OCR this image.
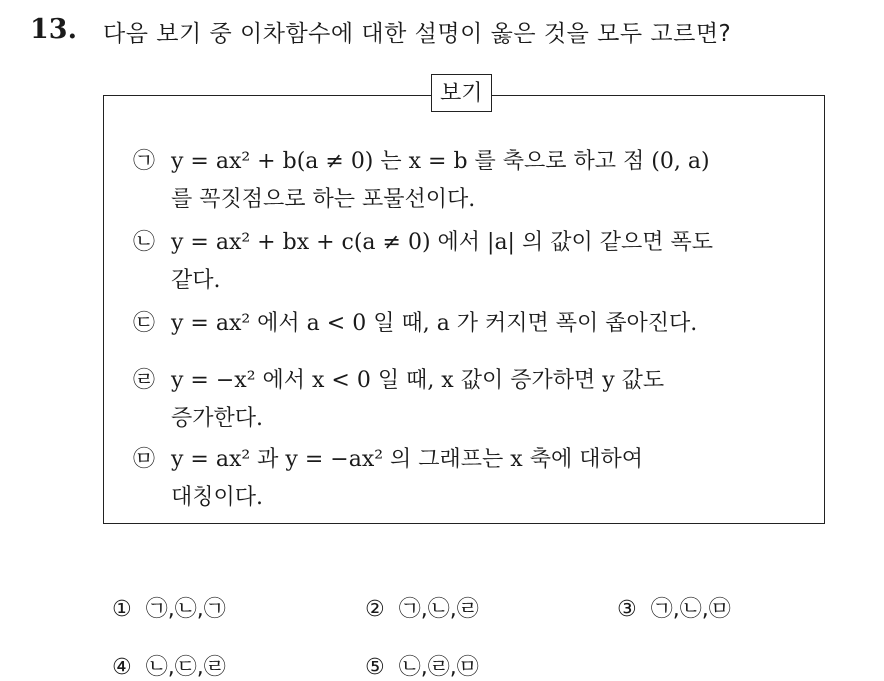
13. 다음 보기 중 이차함수에 대한 설명이 옳은 것을 모두 고르면?
보기
㉠ y = ax² + b(a ≠ 0) 는 x = b 를 축으로 하고 점 (0, a)
를 꼭짓점으로 하는 포물선이다.
㉡ y = ax² + bx + c(a ≠ 0) 에서 |a| 의 값이 같으면 폭도
같다.
㉢ y = ax² 에서 a < 0 일 때, a 가 커지면 폭이 좁아진다.
㉣ y = −x² 에서 x < 0 일 때, x 값이 증가하면 y 값도
증가한다.
㉤ y = ax² 과 y = −ax² 의 그래프는 x 축에 대하여
대칭이다.
① ㉠,㉡,㉠	② ㉠,㉡,㉣	③ ㉠,㉡,㉤
④ ㉡,㉢,㉣	⑤ ㉡,㉣,㉤
